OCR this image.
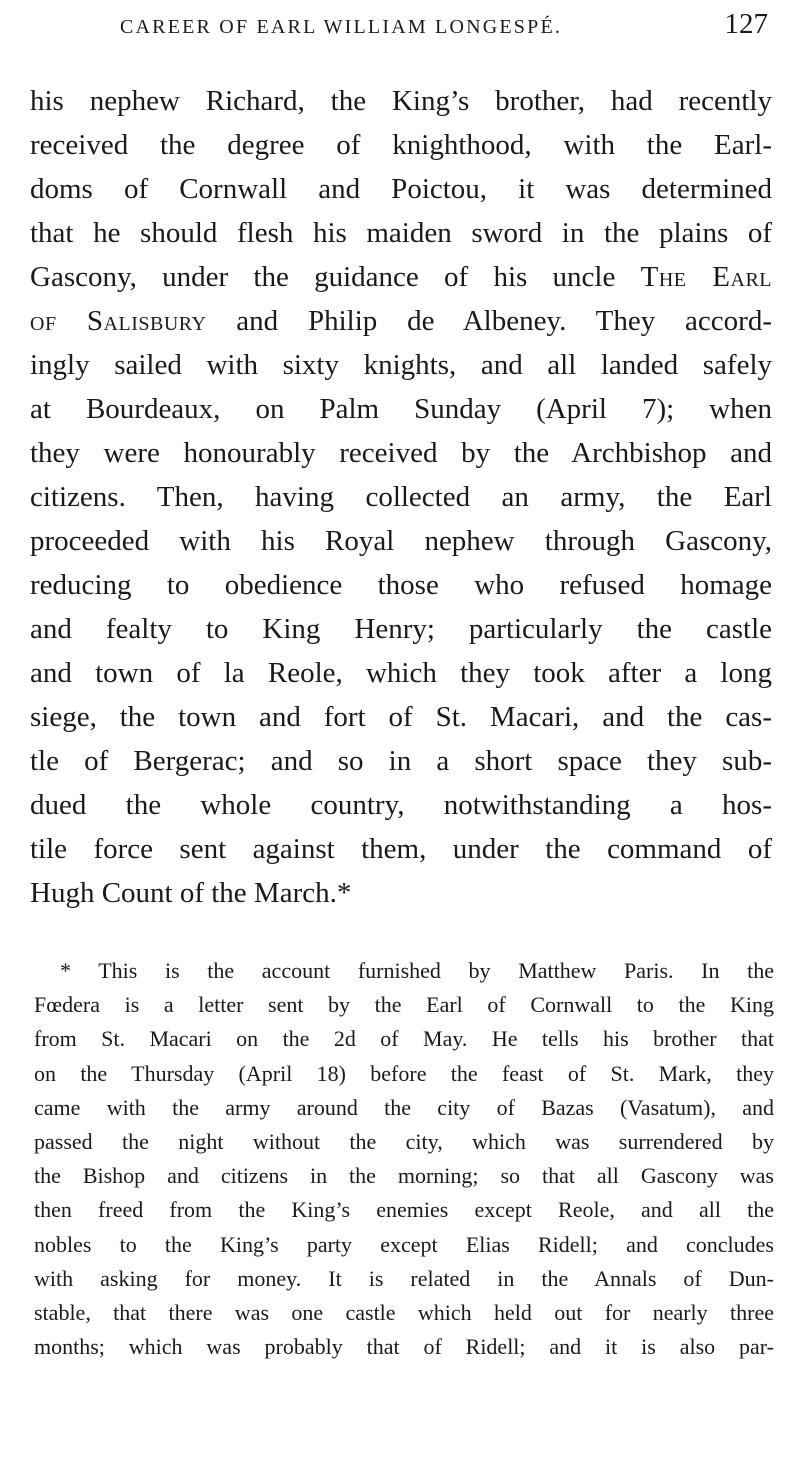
CAREER OF EARL WILLIAM LONGESPÉ.	127
his nephew Richard, the King’s brother, had recently
received the degree of knighthood, with the Earl-
doms of Cornwall and Poictou, it was determined
that he should flesh his maiden sword in the plains of
Gascony, under the guidance of his uncle The Earl
of Salisbury and Philip de Albeney. They accord-
ingly sailed with sixty knights, and all landed safely
at Bourdeaux, on Palm Sunday (April 7); when
they were honourably received by the Archbishop and
citizens. Then, having collected an army, the Earl
proceeded with his Royal nephew through Gascony,
reducing to obedience those who refused homage
and fealty to King Henry; particularly the castle
and town of la Reole, which they took after a long
siege, the town and fort of St. Macari, and the cas-
tle of Bergerac; and so in a short space they sub-
dued the whole country, notwithstanding a hos-
tile force sent against them, under the command of
Hugh Count of the March.*
* This is the account furnished by Matthew Paris. In the
Fœdera is a letter sent by the Earl of Cornwall to the King
from St. Macari on the 2d of May. He tells his brother that
on the Thursday (April 18) before the feast of St. Mark, they
came with the army around the city of Bazas (Vasatum), and
passed the night without the city, which was surrendered by
the Bishop and citizens in the morning; so that all Gascony was
then freed from the King’s enemies except Reole, and all the
nobles to the King’s party except Elias Ridell; and concludes
with asking for money. It is related in the Annals of Dun-
stable, that there was one castle which held out for nearly three
months; which was probably that of Ridell; and it is also par-
